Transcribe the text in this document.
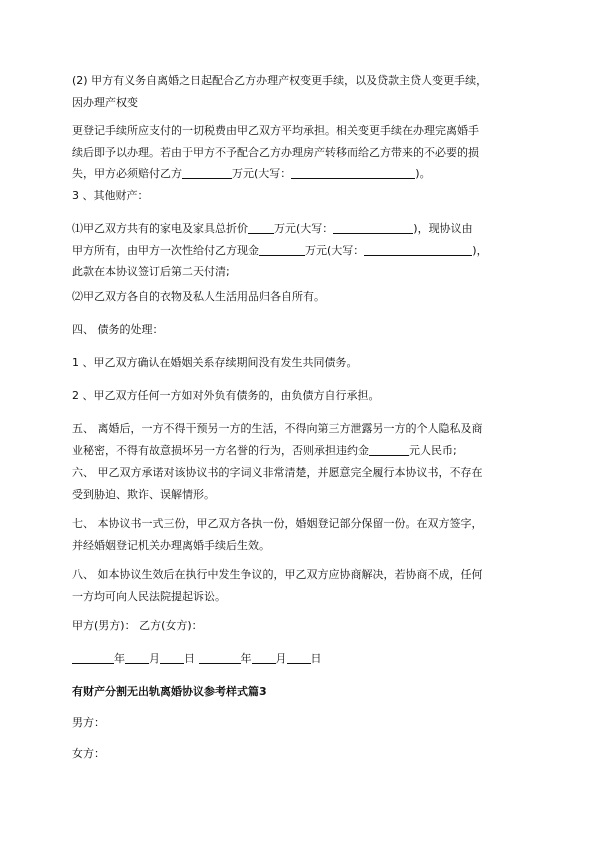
(2) 甲方有义务自离婚之日起配合乙方办理产权变更手续，以及贷款主贷人变更手续，
因办理产权变

更登记手续所应支付的一切税费由甲乙双方平均承担。相关变更手续在办理完离婚手
续后即予以办理。若由于甲方不予配合乙方办理房产转移而给乙方带来的不必要的损
失，甲方必须赔付乙方	万元(大写：	)。

3 、其他财产：

⑴甲乙双方共有的家电及家具总折价 万元(大写：	)，现协议由
甲方所有，由甲方一次性给付乙方现金	万元(大写：	)，
此款在本协议签订后第二天付清;

⑵甲乙双方各自的衣物及私人生活用品归各自所有。

四、 债务的处理：

1 、甲乙双方确认在婚姻关系存续期间没有发生共同债务。

2 、甲乙双方任何一方如对外负有债务的，由负债方自行承担。

五、 离婚后，一方不得干预另一方的生活，不得向第三方泄露另一方的个人隐私及商
业秘密，不得有故意损坏另一方名誉的行为，否则承担违约金	元人民币;

六、 甲乙双方承诺对该协议书的字词义非常清楚，并愿意完全履行本协议书，不存在
受到胁迫、欺诈、误解情形。

七、 本协议书一式三份，甲乙双方各执一份，婚姻登记部分保留一份。在双方签字，
并经婚姻登记机关办理离婚手续后生效。

八、 如本协议生效后在执行中发生争议的，甲乙双方应协商解决，若协商不成，任何
一方均可向人民法院提起诉讼。

甲方(男方)： 乙方(女方)：

年 月 日	年 月 日

有财产分割无出轨离婚协议参考样式篇3

男方：

女方：
